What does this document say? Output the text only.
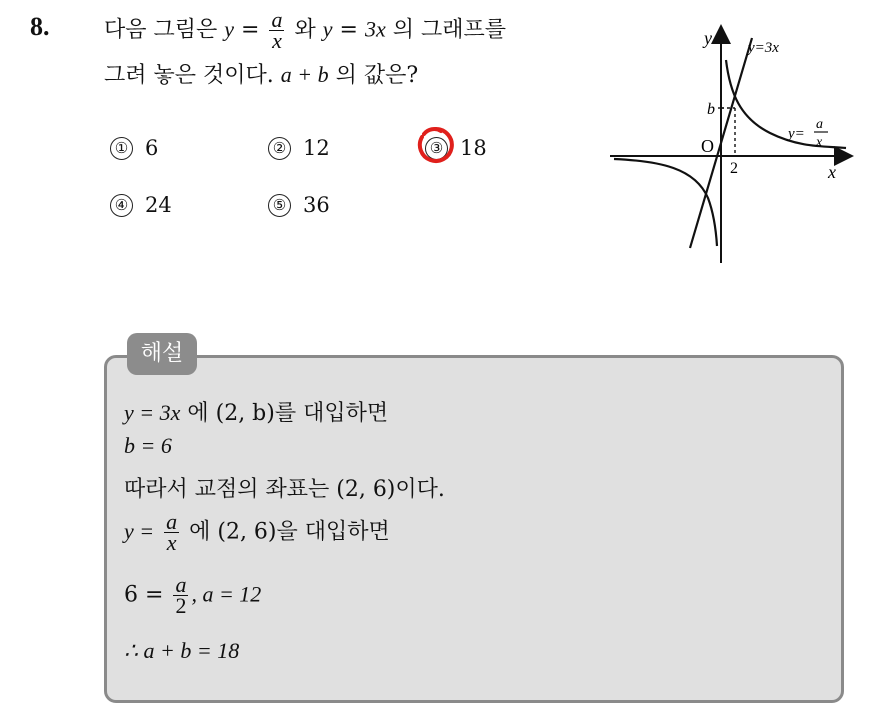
8. 다음 그림은 $y = \frac{a}{x}$ 와 y = 3x 의 그래프를
그려 놓은 것이다. a + b 의 값은?
① 6	② 12	③ 18
④ 24	⑤ 36
y
x
O
2
b
y=3x
y=
a
x
해설
y = 3x 에 (2, b)를 대입하면
b = 6
따라서 교점의 좌표는 (2, 6)이다.
$y = \frac{a}{x}$ 에 (2, 6)을 대입하면
$6 = \frac{a}{2}$ , a = 12
∴ a + b = 18
